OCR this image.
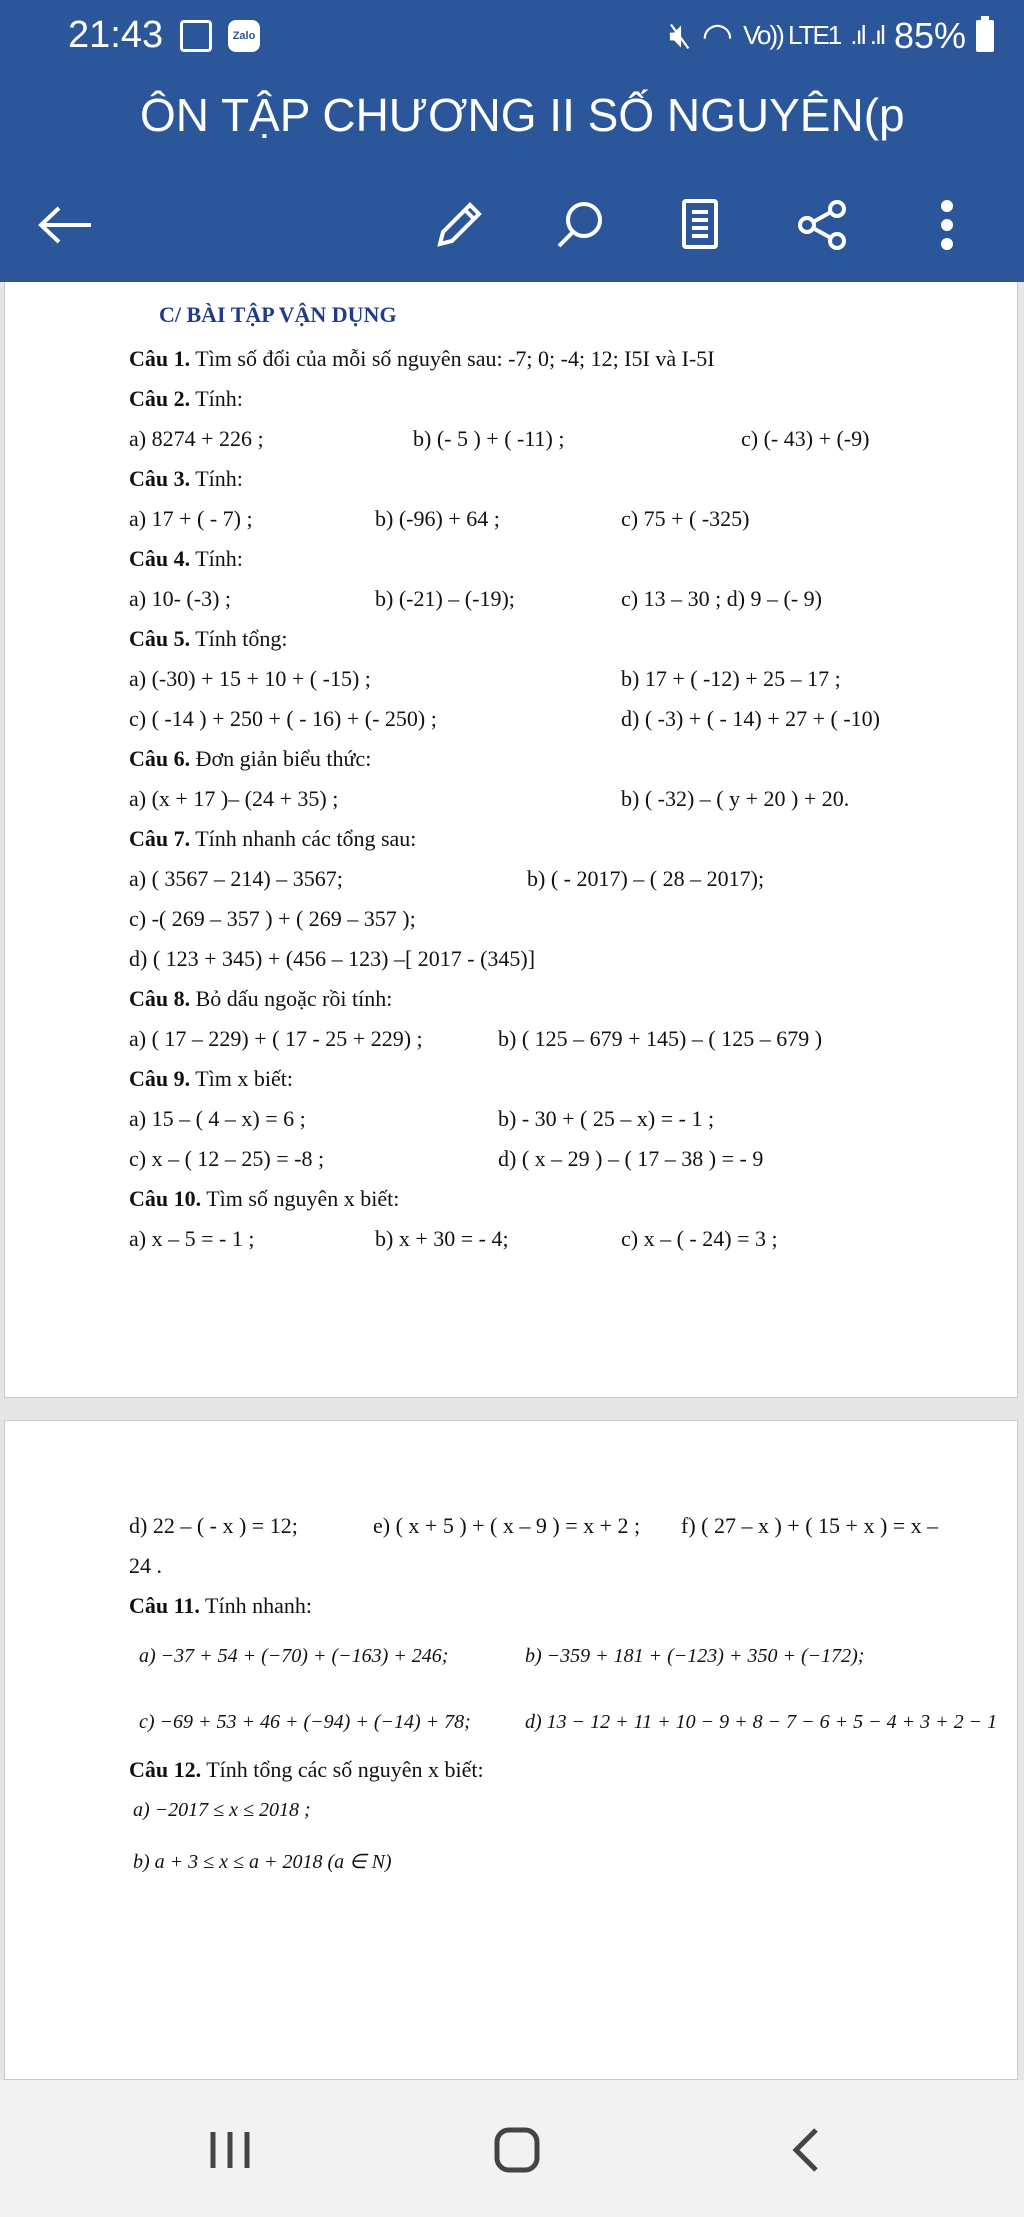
21:43	Zalo	🔇︎ ◠ Vo)) LTE1 .ıl .ıl 85%
ÔN TẬP CHƯƠNG II SỐ NGUYÊN(p
C/ BÀI TẬP VẬN DỤNG
Câu 1. Tìm số đối của mỗi số nguyên sau: -7; 0; -4; 12; I5I và I-5I
Câu 2. Tính:
a) 8274 + 226 ;	b) (- 5 ) + ( -11) ;	c) (- 43) + (-9)
Câu 3. Tính:
a) 17 + ( - 7) ;	b) (-96) + 64 ;	c) 75 + ( -325)
Câu 4. Tính:
a) 10- (-3) ;	b) (-21) – (-19);	c) 13 – 30 ; d) 9 – (- 9)
Câu 5. Tính tổng:
a) (-30) + 15 + 10 + ( -15) ;	b) 17 + ( -12) + 25 – 17 ;
c) ( -14 ) + 250 + ( - 16) + (- 250) ;	d) ( -3) + ( - 14) + 27 + ( -10)
Câu 6. Đơn giản biểu thức:
a) (x + 17 )– (24 + 35) ;	b) ( -32) – ( y + 20 ) + 20.
Câu 7. Tính nhanh các tổng sau:
a) ( 3567 – 214) – 3567;	b) ( - 2017) – ( 28 – 2017);
c) -( 269 – 357 ) + ( 269 – 357 );
d) ( 123 + 345) + (456 – 123) –[ 2017 - (345)]
Câu 8. Bỏ dấu ngoặc rồi tính:
a) ( 17 – 229) + ( 17 - 25 + 229) ;	b) ( 125 – 679 + 145) – ( 125 – 679 )
Câu 9. Tìm x biết:
a) 15 – ( 4 – x) = 6 ;	b) - 30 + ( 25 – x) = - 1 ;
c) x – ( 12 – 25) = -8 ;	d) ( x – 29 ) – ( 17 – 38 ) = - 9
Câu 10. Tìm số nguyên x biết:
a) x – 5 = - 1 ;	b) x + 30 = - 4;	c) x – ( - 24) = 3 ;
d) 22 – ( - x ) = 12;	e) ( x + 5 ) + ( x – 9 ) = x + 2 ; f) ( 27 – x ) + ( 15 + x ) = x –
24 .
Câu 11. Tính nhanh:
a) −37 + 54 + (−70) + (−163) + 246;	b) −359 + 181 + (−123) + 350 + (−172);
c) −69 + 53 + 46 + (−94) + (−14) + 78;	d) 13 − 12 + 11 + 10 − 9 + 8 − 7 − 6 + 5 − 4 + 3 + 2 − 1
Câu 12. Tính tổng các số nguyên x biết:
a) −2017 ≤ x ≤ 2018 ;
b) a + 3 ≤ x ≤ a + 2018 (a ∈ N)
